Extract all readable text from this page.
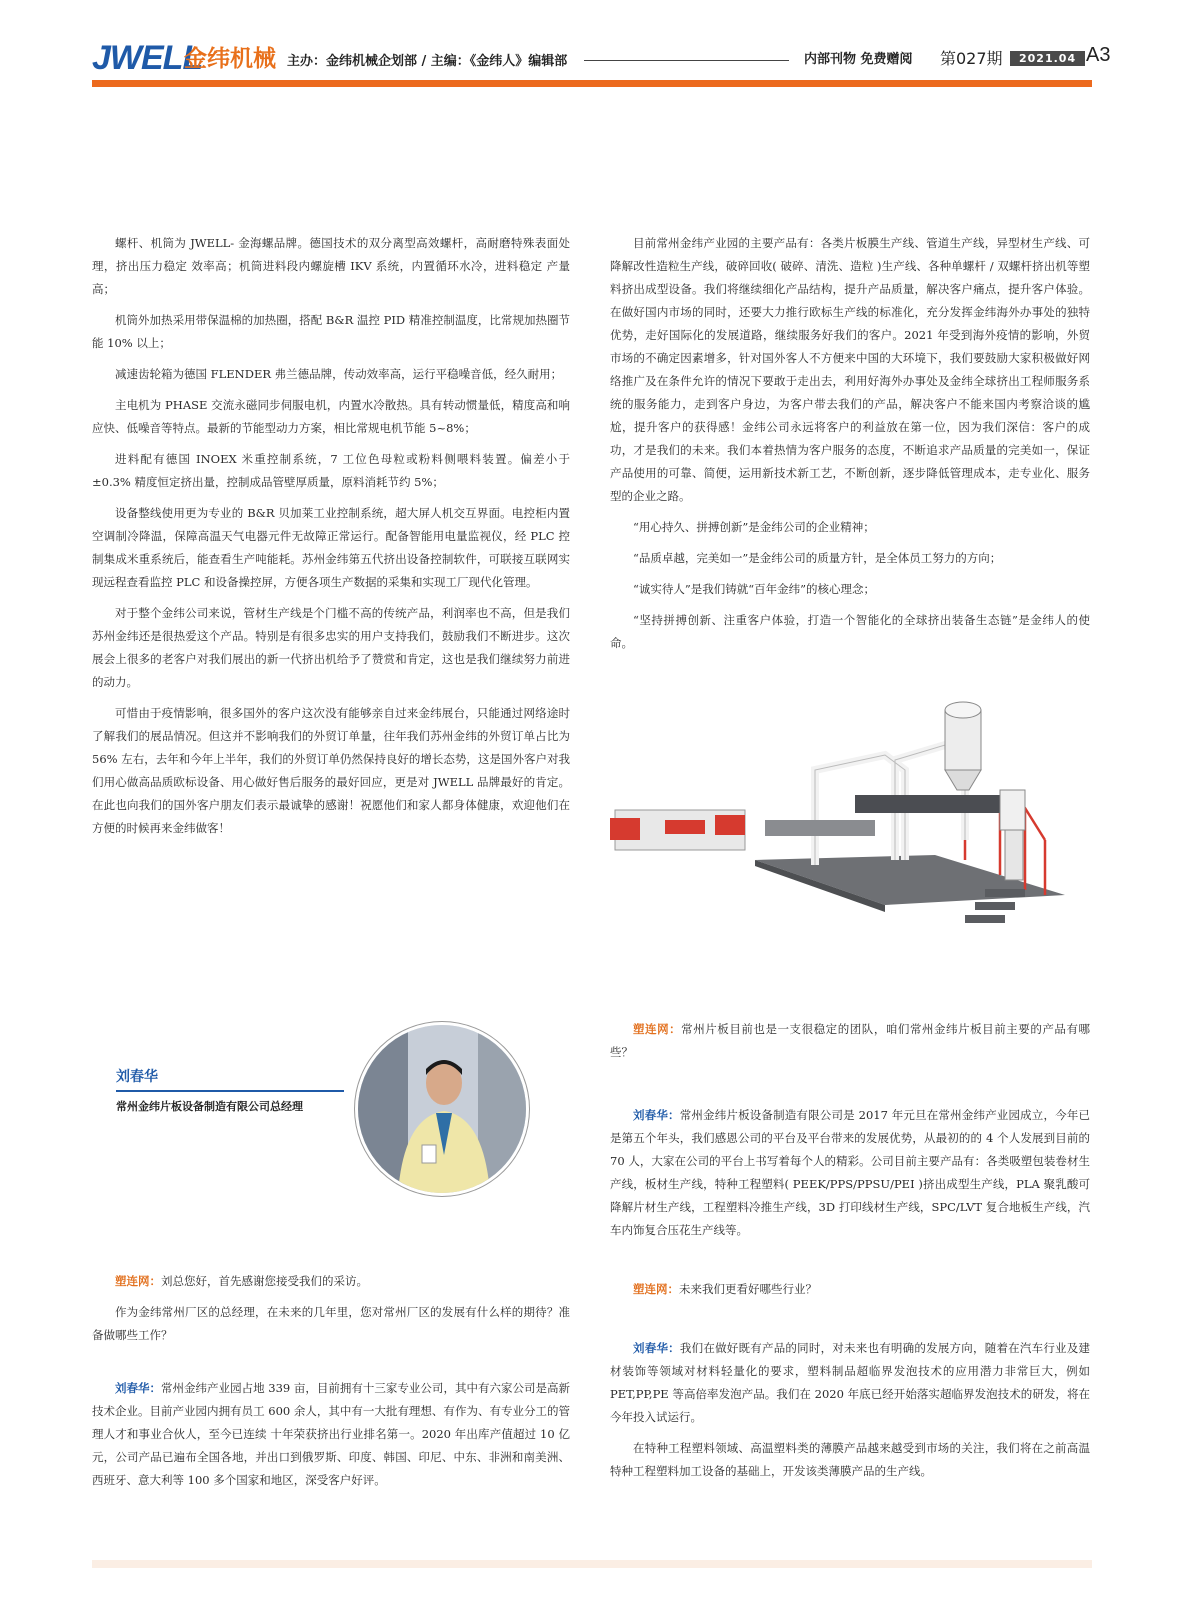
JWELL
金纬机械 主办：金纬机械企划部 / 主编：《金纬人》编辑部	内部刊物 免费赠阅 第027期	2021.04 A3

螺杆、机筒为 JWELL- 金海螺品牌。德国技术的双分离型高效螺杆，高耐磨特殊表面处理，挤出压力稳定 效率高；机筒进料段内螺旋槽 IKV 系统，内置循环水冷，进料稳定 产量高；

机筒外加热采用带保温棉的加热圈，搭配 B&R 温控 PID 精准控制温度，比常规加热圈节能 10% 以上；

减速齿轮箱为德国 FLENDER 弗兰德品牌，传动效率高，运行平稳噪音低，经久耐用；

主电机为 PHASE 交流永磁同步伺服电机，内置水冷散热。具有转动惯量低，精度高和响应快、低噪音等特点。最新的节能型动力方案，相比常规电机节能 5~8%；

进料配有德国 INOEX 米重控制系统，7 工位色母粒或粉料侧喂料装置。偏差小于 ±0.3% 精度恒定挤出量，控制成品管壁厚质量，原料消耗节约 5%；

设备整线使用更为专业的 B&R 贝加莱工业控制系统，超大屏人机交互界面。电控柜内置空调制冷降温，保障高温天气电器元件无故障正常运行。配备智能用电量监视仪，经 PLC 控制集成米重系统后，能查看生产吨能耗。苏州金纬第五代挤出设备控制软件，可联接互联网实现远程查看监控 PLC 和设备操控屏，方便各项生产数据的采集和实现工厂现代化管理。

对于整个金纬公司来说，管材生产线是个门槛不高的传统产品，利润率也不高，但是我们苏州金纬还是很热爱这个产品。特别是有很多忠实的用户支持我们，鼓励我们不断进步。这次展会上很多的老客户对我们展出的新一代挤出机给予了赞赏和肯定，这也是我们继续努力前进的动力。

可惜由于疫情影响，很多国外的客户这次没有能够亲自过来金纬展台，只能通过网络途时了解我们的展品情况。但这并不影响我们的外贸订单量，往年我们苏州金纬的外贸订单占比为 56% 左右，去年和今年上半年，我们的外贸订单仍然保持良好的增长态势，这是国外客户对我们用心做高品质欧标设备、用心做好售后服务的最好回应，更是对 JWELL 品牌最好的肯定。在此也向我们的国外客户朋友们表示最诚挚的感谢！祝愿他们和家人都身体健康，欢迎他们在方便的时候再来金纬做客！

目前常州金纬产业园的主要产品有：各类片板膜生产线、管道生产线，异型材生产线、可降解改性造粒生产线，破碎回收( 破碎、清洗、造粒 )生产线、各种单螺杆 / 双螺杆挤出机等塑料挤出成型设备。我们将继续细化产品结构，提升产品质量，解决客户痛点，提升客户体验。在做好国内市场的同时，还要大力推行欧标生产线的标准化，充分发挥金纬海外办事处的独特优势，走好国际化的发展道路，继续服务好我们的客户。2021 年受到海外疫情的影响，外贸市场的不确定因素增多，针对国外客人不方便来中国的大环境下，我们要鼓励大家积极做好网络推广及在条件允许的情况下要敢于走出去，利用好海外办事处及金纬全球挤出工程师服务系统的服务能力，走到客户身边，为客户带去我们的产品，解决客户不能来国内考察洽谈的尴尬，提升客户的获得感！金纬公司永远将客户的利益放在第一位，因为我们深信：客户的成功，才是我们的未来。我们本着热情为客户服务的态度，不断追求产品质量的完美如一，保证产品使用的可靠、简便，运用新技术新工艺，不断创新，逐步降低管理成本，走专业化、服务型的企业之路。

“用心持久、拼搏创新”是金纬公司的企业精神；

“品质卓越，完美如一”是金纬公司的质量方针，是全体员工努力的方向；

“诚实待人”是我们铸就“百年金纬”的核心理念；

“坚持拼搏创新、注重客户体验，打造一个智能化的全球挤出装备生态链”是金纬人的使命。

刘春华
常州金纬片板设备制造有限公司总经理

塑连网：刘总您好，首先感谢您接受我们的采访。

作为金纬常州厂区的总经理，在未来的几年里，您对常州厂区的发展有什么样的期待？准备做哪些工作？

刘春华：常州金纬产业园占地 339 亩，目前拥有十三家专业公司，其中有六家公司是高新技术企业。目前产业园内拥有员工 600 余人，其中有一大批有理想、有作为、有专业分工的管理人才和事业合伙人，至今已连续 十年荣获挤出行业排名第一。2020 年出库产值超过 10 亿元，公司产品已遍布全国各地，并出口到俄罗斯、印度、韩国、印尼、中东、非洲和南美洲、西班牙、意大利等 100 多个国家和地区，深受客户好评。

塑连网：常州片板目前也是一支很稳定的团队，咱们常州金纬片板目前主要的产品有哪些？

刘春华：常州金纬片板设备制造有限公司是 2017 年元旦在常州金纬产业园成立，今年已是第五个年头，我们感恩公司的平台及平台带来的发展优势，从最初的的 4 个人发展到目前的 70 人，大家在公司的平台上书写着每个人的精彩。公司目前主要产品有：各类吸塑包装卷材生产线，板材生产线，特种工程塑料( PEEK/PPS/PPSU/PEI )挤出成型生产线，PLA 聚乳酸可降解片材生产线，工程塑料冷推生产线，3D 打印线材生产线，SPC/LVT 复合地板生产线，汽车内饰复合压花生产线等。

塑连网：未来我们更看好哪些行业？

刘春华：我们在做好既有产品的同时，对未来也有明确的发展方向，随着在汽车行业及建材装饰等领域对材料轻量化的要求，塑料制品超临界发泡技术的应用潜力非常巨大，例如 PET,PP,PE 等高倍率发泡产品。我们在 2020 年底已经开始落实超临界发泡技术的研发，将在今年投入试运行。

在特种工程塑料领域、高温塑料类的薄膜产品越来越受到市场的关注，我们将在之前高温特种工程塑料加工设备的基础上，开发该类薄膜产品的生产线。
